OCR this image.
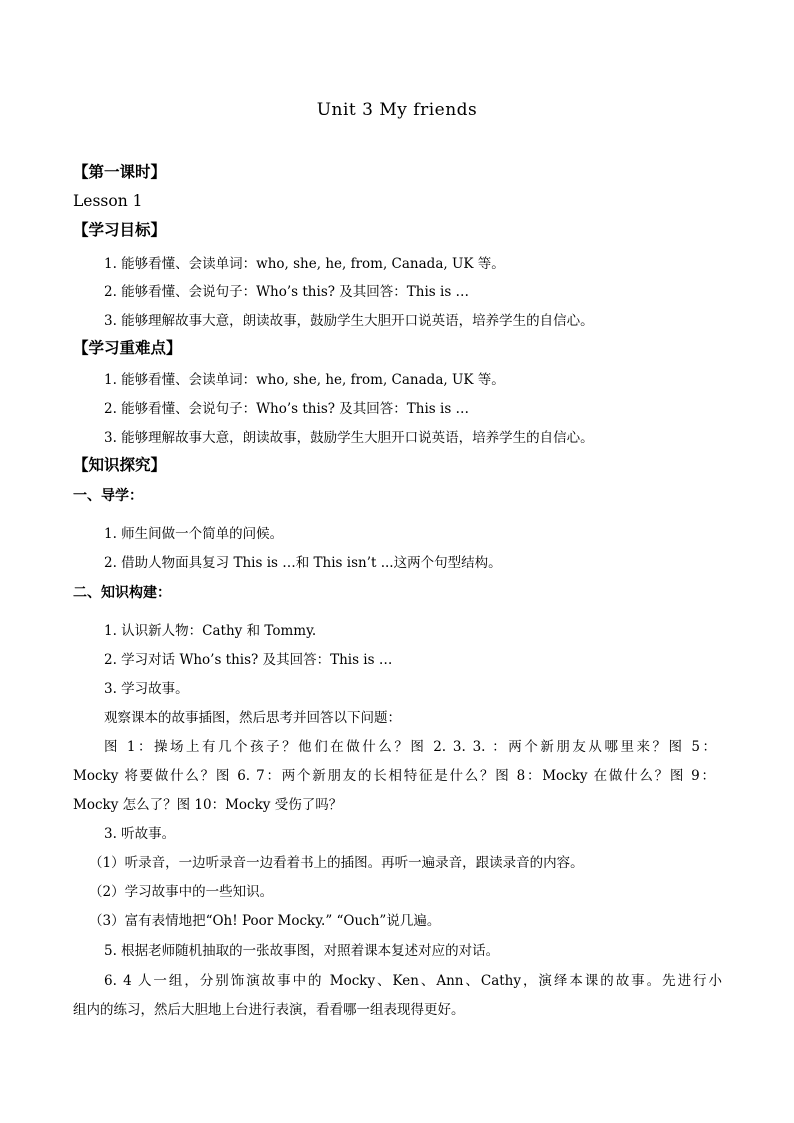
Unit 3 My friends
【第一课时】
Lesson 1
【学习目标】
1. 能够看懂、会读单词：who, she, he, from, Canada, UK 等。
2. 能够看懂、会说句子：Who’s this? 及其回答：This is …
3. 能够理解故事大意，朗读故事，鼓励学生大胆开口说英语，培养学生的自信心。
【学习重难点】
1. 能够看懂、会读单词：who, she, he, from, Canada, UK 等。
2. 能够看懂、会说句子：Who’s this? 及其回答：This is …
3. 能够理解故事大意，朗读故事，鼓励学生大胆开口说英语，培养学生的自信心。
【知识探究】
一、导学：
1. 师生间做一个简单的问候。
2. 借助人物面具复习 This is …和 This isn’t ...这两个句型结构。
二、知识构建：
1. 认识新人物：Cathy 和 Tommy.
2. 学习对话 Who’s this? 及其回答：This is …
3. 学习故事。
观察课本的故事插图，然后思考并回答以下问题：
图 1：操场上有几个孩子？他们在做什么？图 2. 3. 3. ：两个新朋友从哪里来？图 5：
Mocky 将要做什么？图 6. 7：两个新朋友的长相特征是什么？图 8：Mocky 在做什么？图 9：
Mocky 怎么了？图 10：Mocky 受伤了吗？
3. 听故事。
（1）听录音，一边听录音一边看着书上的插图。再听一遍录音，跟读录音的内容。
（2）学习故事中的一些知识。
（3）富有表情地把“Oh! Poor Mocky.” “Ouch”说几遍。
5. 根据老师随机抽取的一张故事图，对照着课本复述对应的对话。
6. 4 人一组，分别饰演故事中的 Mocky、Ken、Ann、Cathy，演绎本课的故事。先进行小
组内的练习，然后大胆地上台进行表演，看看哪一组表现得更好。
